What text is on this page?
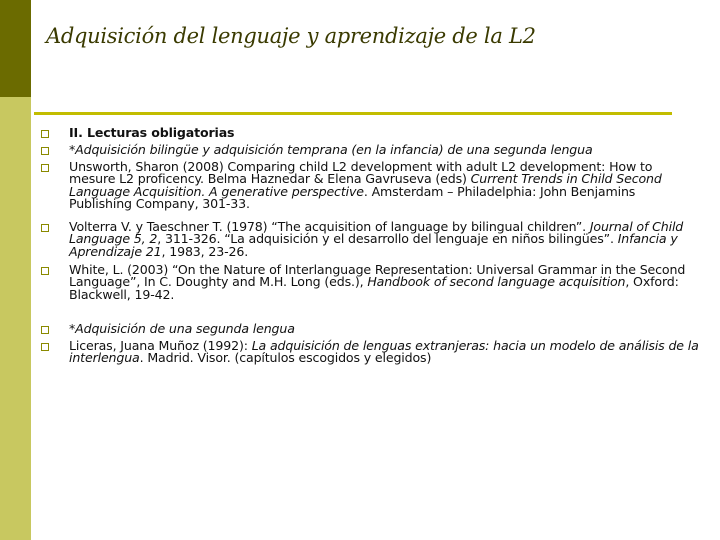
Adquisición del lenguaje y aprendizaje de la L2
II. Lecturas obligatorias
*Adquisición bilingüe y adquisición temprana (en la infancia) de una segunda lengua
Unsworth, Sharon (2008) Comparing child L2 development with adult L2 development: How to mesure L2 proficency. Belma Haznedar & Elena Gavruseva (eds) Current Trends in Child Second Language Acquisition. A generative perspective. Amsterdam – Philadelphia: John Benjamins Publishing Company, 301-33.
Volterra V. y Taeschner T. (1978) “The acquisition of language by bilingual children”. Journal of Child Language 5, 2, 311-326. “La adquisición y el desarrollo del lenguaje en niños bilingües”. Infancia y Aprendizaje 21, 1983, 23-26.
White, L. (2003) “On the Nature of Interlanguage Representation: Universal Grammar in the Second Language”, In C. Doughty and M.H. Long (eds.), Handbook of second language acquisition, Oxford: Blackwell, 19-42.
*Adquisición de una segunda lengua
Liceras, Juana Muñoz (1992): La adquisición de lenguas extranjeras: hacia un modelo de análisis de la interlengua. Madrid. Visor. (capítulos escogidos y elegidos)
